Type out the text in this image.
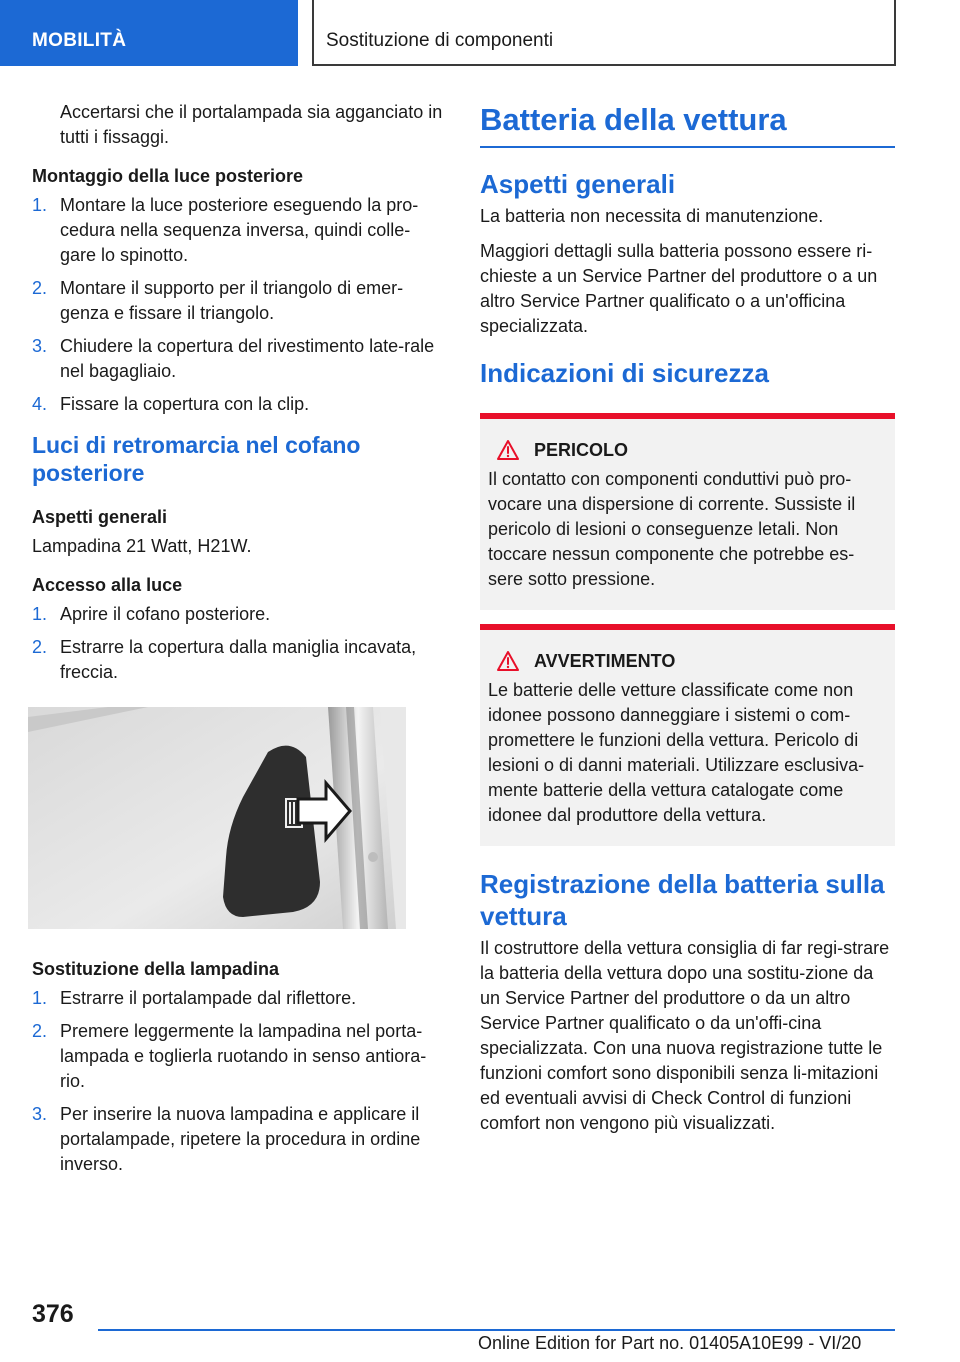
MOBILITÀ	Sostituzione di componenti

Accertarsi che il portalampada sia agganciato in tutti i fissaggi.

Montaggio della luce posteriore
1. Montare la luce posteriore eseguendo la pro-cedura nella sequenza inversa, quindi colle-gare lo spinotto.
2. Montare il supporto per il triangolo di emer-genza e fissare il triangolo.
3. Chiudere la copertura del rivestimento late-rale nel bagagliaio.
4. Fissare la copertura con la clip.
Luci di retromarcia nel cofano posteriore
Aspetti generali

Lampadina 21 Watt, H21W.

Accesso alla luce
1. Aprire il cofano posteriore.
2. Estrarre la copertura dalla maniglia incavata, freccia.
Sostituzione della lampadina
1. Estrarre il portalampade dal riflettore.
2. Premere leggermente la lampadina nel porta-lampada e toglierla ruotando in senso antiora-rio.
3. Per inserire la nuova lampadina e applicare il portalampade, ripetere la procedura in ordine inverso.
Batteria della vettura
Aspetti generali

La batteria non necessita di manutenzione.

Maggiori dettagli sulla batteria possono essere ri-chieste a un Service Partner del produttore o a un altro Service Partner qualificato o a un'officina specializzata.

Indicazioni di sicurezza
PERICOLO
Il contatto con componenti conduttivi può pro-vocare una dispersione di corrente. Sussiste il pericolo di lesioni o conseguenze letali. Non toccare nessun componente che potrebbe es-sere sotto pressione.
AVVERTIMENTO
Le batterie delle vetture classificate come non idonee possono danneggiare i sistemi o com-promettere le funzioni della vettura. Pericolo di lesioni o di danni materiali. Utilizzare esclusiva-mente batterie della vettura catalogate come idonee dal produttore della vettura.
Registrazione della batteria sulla vettura

Il costruttore della vettura consiglia di far regi-strare la batteria della vettura dopo una sostitu-zione da un Service Partner del produttore o da un altro Service Partner qualificato o da un'offi-cina specializzata. Con una nuova registrazione tutte le funzioni comfort sono disponibili senza li-mitazioni ed eventuali avvisi di Check Control di funzioni comfort non vengono più visualizzati.

376
Online Edition for Part no. 01405A10E99 - VI/20
